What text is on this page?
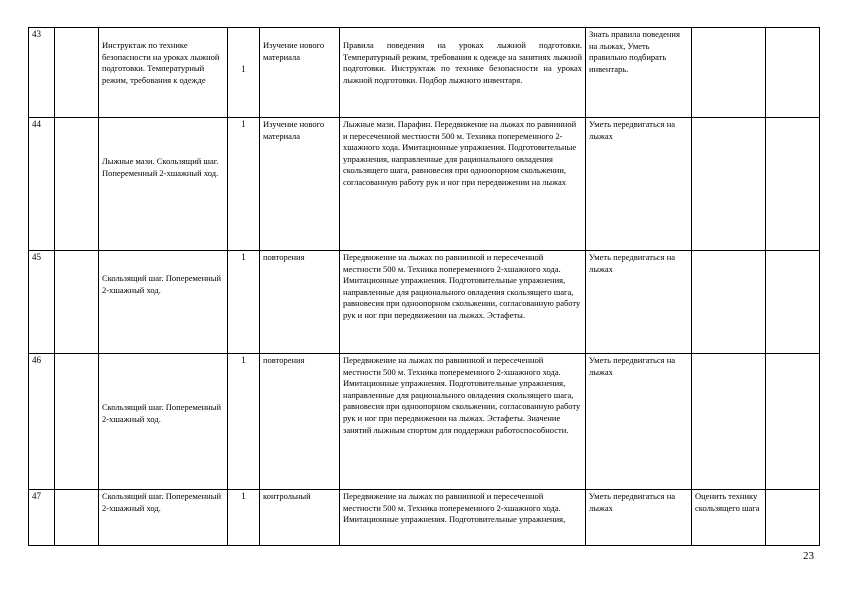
43		Инструктаж по технике безопасности на уроках лыжной подготовки. Температурный режим, требования к одежде	1	Изучение нового материала	Правила поведения на уроках лыжной подготовки. Температурный режим, требования к одежде на занятиях лыжной подготовки. Инструктаж по технике безопасности на уроках лыжной подготовки. Подбор лыжного инвентаря.	Знать правила поведения на лыжах, Уметь правильно подбирать инвентарь.		
44		Лыжные мази. Скользящий шаг. Попеременный 2-хшажный ход.	1	Изучение нового материала	Лыжные мази. Парафин. Передвижение на лыжах по равнинной и пересеченной местности 500 м. Техника попеременного 2-хшажного хода. Имитационные упражнения. Подготовительные упражнения, направленные для рационального овладения скользящего шага, равновесия при одноопорном скольжении, согласованную работу рук и ног при передвижении на лыжах	Уметь передвигаться на лыжах		
45		Скользящий шаг. Попеременный 2-хшажный ход.	1	повторения	Передвижение на лыжах по равнинной и пересеченной местности 500 м. Техника попеременного 2-хшажного хода. Имитационные упражнения. Подготовительные упражнения, направленные для рационального овладения скользящего шага, равновесия при одноопорном скольжении, согласованную работу рук и ног при передвижении на лыжах. Эстафеты.	Уметь передвигаться на лыжах		
46		Скользящий шаг. Попеременный 2-хшажный ход.	1	повторения	Передвижение на лыжах по равнинной и пересеченной местности 500 м. Техника попеременного 2-хшажного хода. Имитационные упражнения. Подготовительные упражнения, направленные для рационального овладения скользящего шага, равновесия при одноопорном скольжении, согласованную работу рук и ног при передвижении на лыжах. Эстафеты. Значение занятий лыжным спортом для поддержки работоспособности.	Уметь передвигаться на лыжах		
47		Скользящий шаг. Попеременный 2-хшажный ход.	1	контрольный	Передвижение на лыжах по равнинной и пересеченной местности 500 м. Техника попеременного 2-хшажного хода. Имитационные упражнения. Подготовительные упражнения,	Уметь передвигаться на лыжах	Оценить технику скользящего шага	
23
